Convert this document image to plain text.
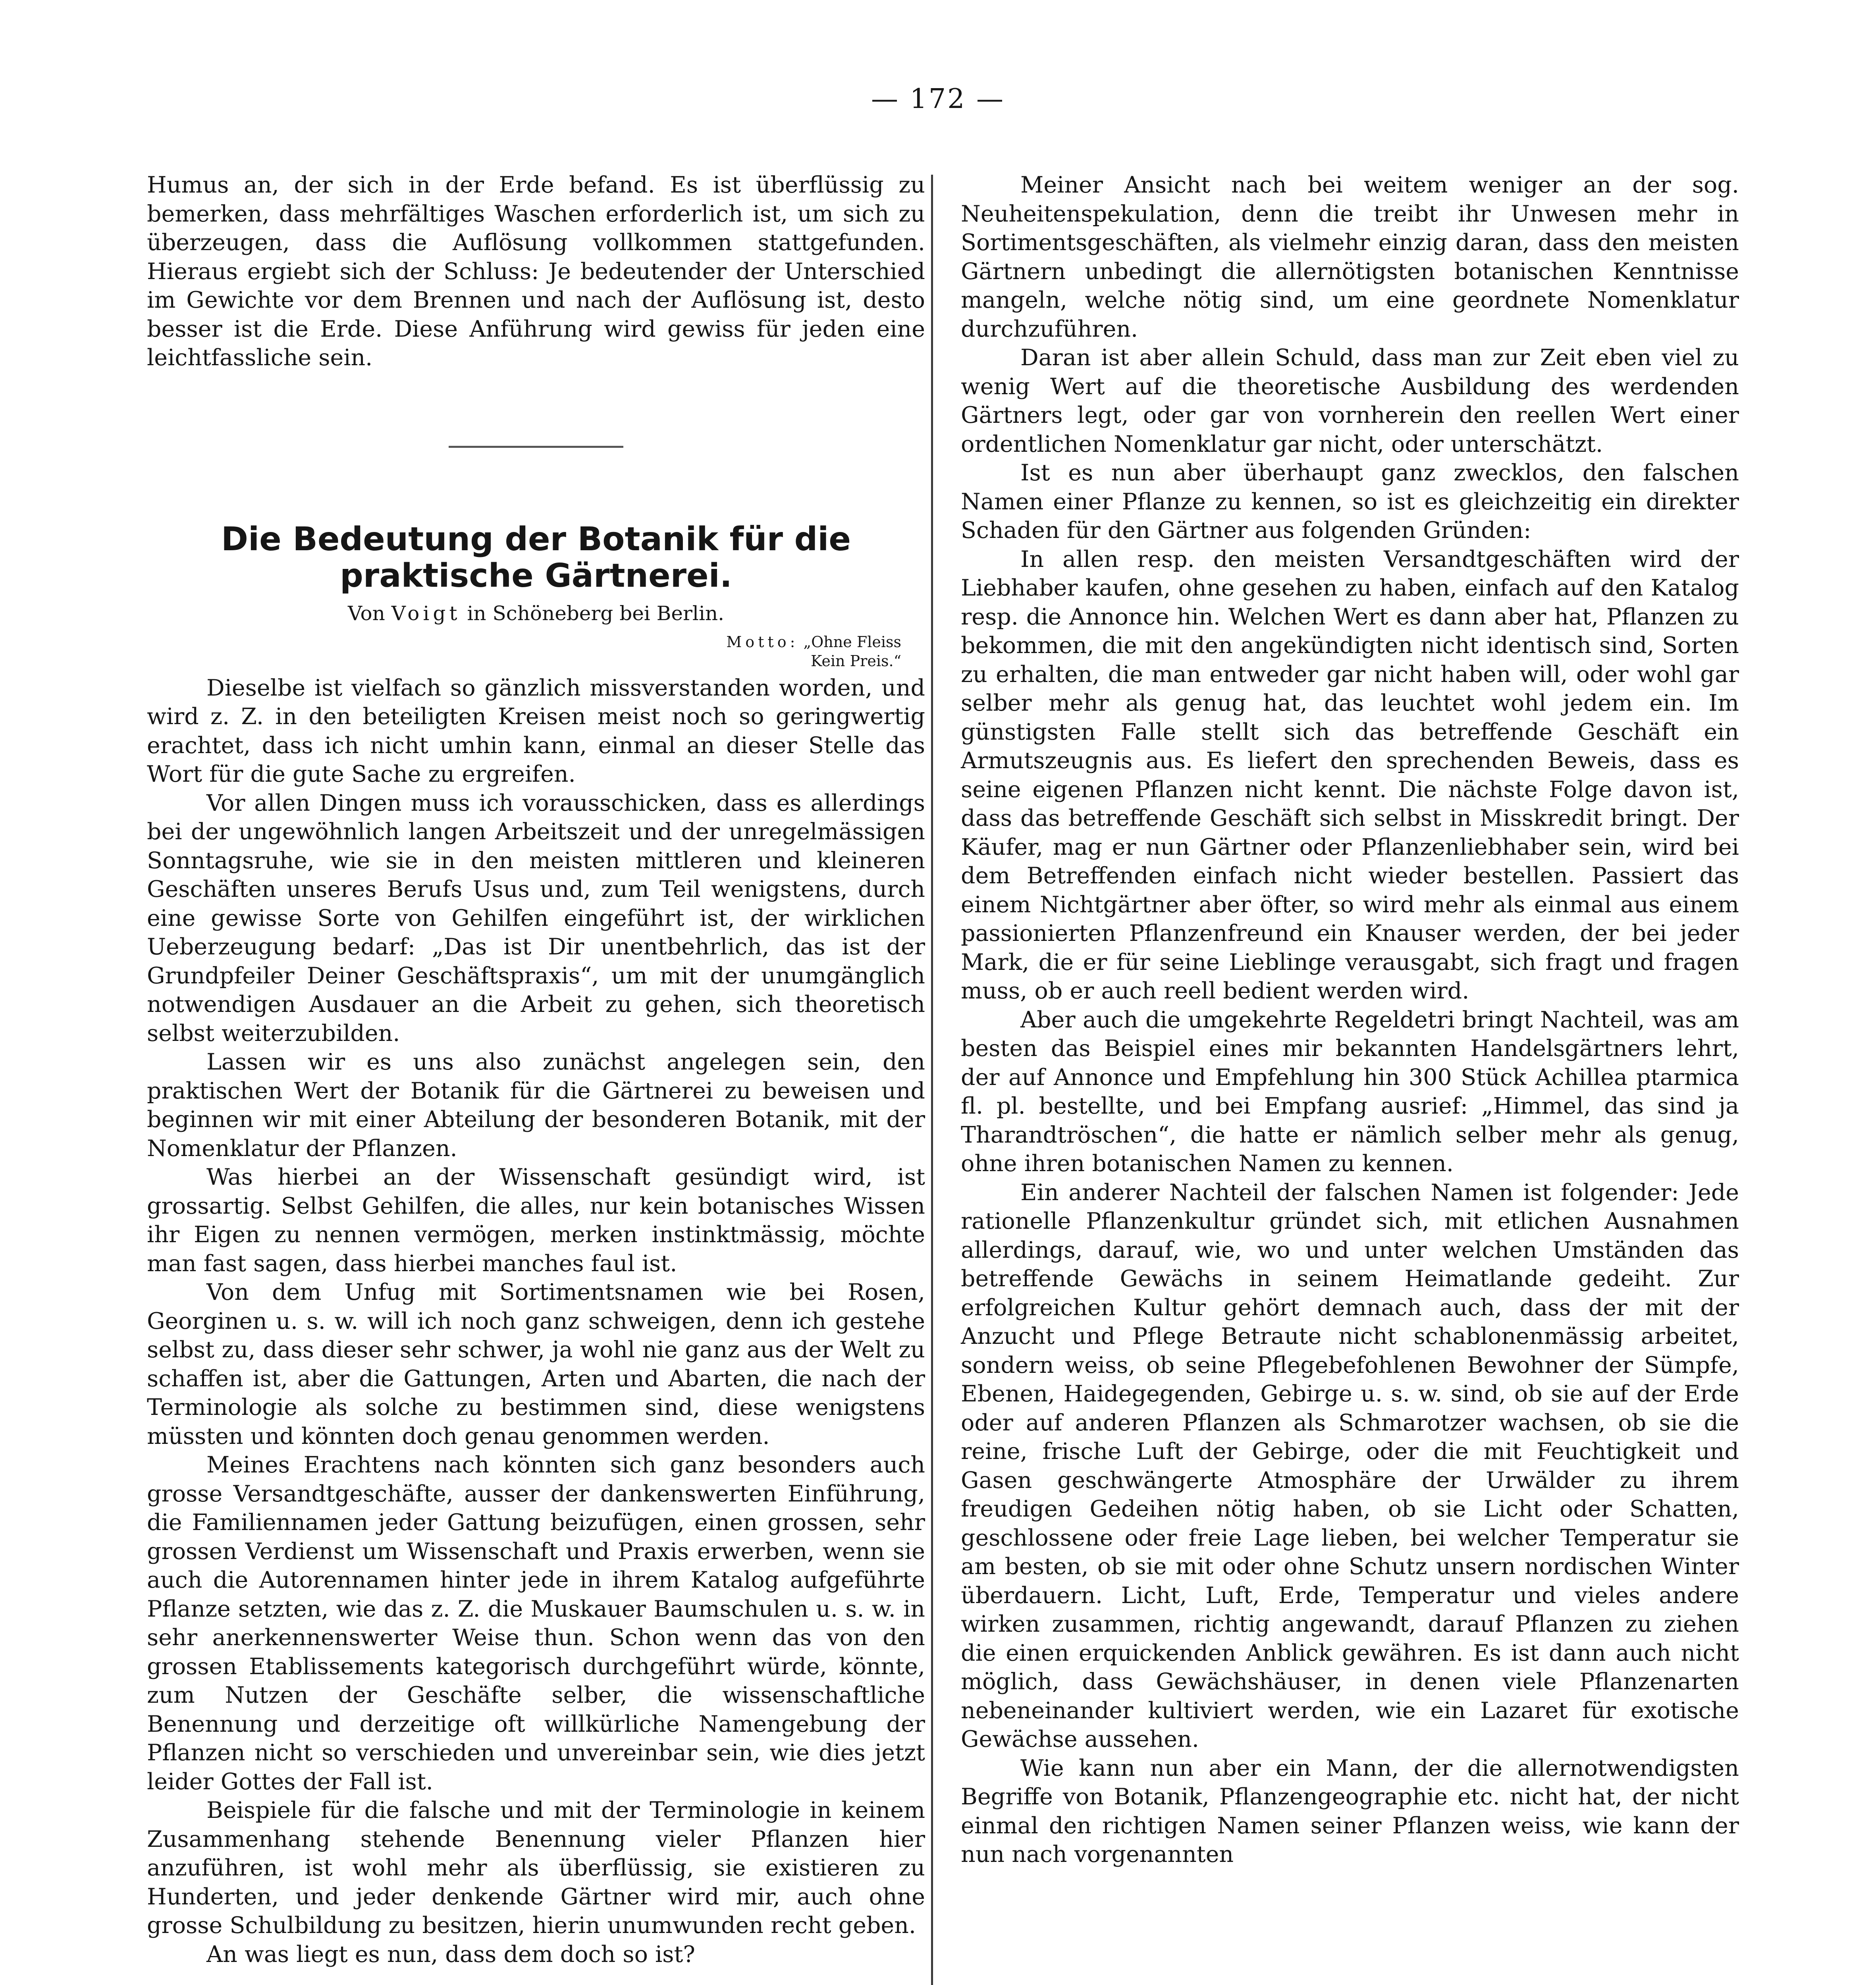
— 172 —

Humus an, der sich in der Erde befand. Es ist überflüssig zu bemerken, dass mehrfältiges Waschen erforderlich ist, um sich zu überzeugen, dass die Auflösung vollkommen stattgefunden. Hieraus ergiebt sich der Schluss: Je bedeutender der Unterschied im Gewichte vor dem Brennen und nach der Auflösung ist, desto besser ist die Erde. Diese Anführung wird gewiss für jeden eine leichtfassliche sein.

Die Bedeutung der Botanik für die praktische Gärtnerei.
Von Voigt in Schöneberg bei Berlin.
Motto: „Ohne Fleiss
Kein Preis.“

Dieselbe ist vielfach so gänzlich missverstanden worden, und wird z. Z. in den beteiligten Kreisen meist noch so geringwertig erachtet, dass ich nicht umhin kann, einmal an dieser Stelle das Wort für die gute Sache zu ergreifen.

Vor allen Dingen muss ich vorausschicken, dass es allerdings bei der ungewöhnlich langen Arbeitszeit und der unregelmässigen Sonntagsruhe, wie sie in den meisten mittleren und kleineren Geschäften unseres Berufs Usus und, zum Teil wenigstens, durch eine gewisse Sorte von Gehilfen eingeführt ist, der wirklichen Ueberzeugung bedarf: „Das ist Dir unentbehrlich, das ist der Grundpfeiler Deiner Geschäftspraxis“, um mit der unumgänglich notwendigen Ausdauer an die Arbeit zu gehen, sich theoretisch selbst weiterzubilden.

Lassen wir es uns also zunächst angelegen sein, den praktischen Wert der Botanik für die Gärtnerei zu beweisen und beginnen wir mit einer Abteilung der besonderen Botanik, mit der Nomenklatur der Pflanzen.

Was hierbei an der Wissenschaft gesündigt wird, ist grossartig. Selbst Gehilfen, die alles, nur kein botanisches Wissen ihr Eigen zu nennen vermögen, merken instinktmässig, möchte man fast sagen, dass hierbei manches faul ist.

Von dem Unfug mit Sortimentsnamen wie bei Rosen, Georginen u. s. w. will ich noch ganz schweigen, denn ich gestehe selbst zu, dass dieser sehr schwer, ja wohl nie ganz aus der Welt zu schaffen ist, aber die Gattungen, Arten und Abarten, die nach der Terminologie als solche zu bestimmen sind, diese wenigstens müssten und könnten doch genau genommen werden.

Meines Erachtens nach könnten sich ganz besonders auch grosse Versandtgeschäfte, ausser der dankenswerten Einführung, die Familiennamen jeder Gattung beizufügen, einen grossen, sehr grossen Verdienst um Wissenschaft und Praxis erwerben, wenn sie auch die Autorennamen hinter jede in ihrem Katalog aufgeführte Pflanze setzten, wie das z. Z. die Muskauer Baumschulen u. s. w. in sehr anerkennenswerter Weise thun. Schon wenn das von den grossen Etablissements kategorisch durchgeführt würde, könnte, zum Nutzen der Geschäfte selber, die wissenschaftliche Benennung und derzeitige oft willkürliche Namengebung der Pflanzen nicht so verschieden und unvereinbar sein, wie dies jetzt leider Gottes der Fall ist.

Beispiele für die falsche und mit der Terminologie in keinem Zusammenhang stehende Benennung vieler Pflanzen hier anzuführen, ist wohl mehr als überflüssig, sie existieren zu Hunderten, und jeder denkende Gärtner wird mir, auch ohne grosse Schulbildung zu besitzen, hierin unumwunden recht geben.

An was liegt es nun, dass dem doch so ist?

Meiner Ansicht nach bei weitem weniger an der sog. Neuheitenspekulation, denn die treibt ihr Unwesen mehr in Sortimentsgeschäften, als vielmehr einzig daran, dass den meisten Gärtnern unbedingt die allernötigsten botanischen Kenntnisse mangeln, welche nötig sind, um eine geordnete Nomenklatur durchzuführen.

Daran ist aber allein Schuld, dass man zur Zeit eben viel zu wenig Wert auf die theoretische Ausbildung des werdenden Gärtners legt, oder gar von vornherein den reellen Wert einer ordentlichen Nomenklatur gar nicht, oder unterschätzt.

Ist es nun aber überhaupt ganz zwecklos, den falschen Namen einer Pflanze zu kennen, so ist es gleichzeitig ein direkter Schaden für den Gärtner aus folgenden Gründen:

In allen resp. den meisten Versandtgeschäften wird der Liebhaber kaufen, ohne gesehen zu haben, einfach auf den Katalog resp. die Annonce hin. Welchen Wert es dann aber hat, Pflanzen zu bekommen, die mit den angekündigten nicht identisch sind, Sorten zu erhalten, die man entweder gar nicht haben will, oder wohl gar selber mehr als genug hat, das leuchtet wohl jedem ein. Im günstigsten Falle stellt sich das betreffende Geschäft ein Armutszeugnis aus. Es liefert den sprechenden Beweis, dass es seine eigenen Pflanzen nicht kennt. Die nächste Folge davon ist, dass das betreffende Geschäft sich selbst in Misskredit bringt. Der Käufer, mag er nun Gärtner oder Pflanzenliebhaber sein, wird bei dem Betreffenden einfach nicht wieder bestellen. Passiert das einem Nichtgärtner aber öfter, so wird mehr als einmal aus einem passionierten Pflanzenfreund ein Knauser werden, der bei jeder Mark, die er für seine Lieblinge verausgabt, sich fragt und fragen muss, ob er auch reell bedient werden wird.

Aber auch die umgekehrte Regeldetri bringt Nachteil, was am besten das Beispiel eines mir bekannten Handelsgärtners lehrt, der auf Annonce und Empfehlung hin 300 Stück Achillea ptarmica fl. pl. bestellte, und bei Empfang ausrief: „Himmel, das sind ja Tharandtröschen“, die hatte er nämlich selber mehr als genug, ohne ihren botanischen Namen zu kennen.

Ein anderer Nachteil der falschen Namen ist folgender: Jede rationelle Pflanzenkultur gründet sich, mit etlichen Ausnahmen allerdings, darauf, wie, wo und unter welchen Umständen das betreffende Gewächs in seinem Heimatlande gedeiht. Zur erfolgreichen Kultur gehört demnach auch, dass der mit der Anzucht und Pflege Betraute nicht schablonenmässig arbeitet, sondern weiss, ob seine Pflegebefohlenen Bewohner der Sümpfe, Ebenen, Haidegegenden, Gebirge u. s. w. sind, ob sie auf der Erde oder auf anderen Pflanzen als Schmarotzer wachsen, ob sie die reine, frische Luft der Gebirge, oder die mit Feuchtigkeit und Gasen geschwängerte Atmosphäre der Urwälder zu ihrem freudigen Gedeihen nötig haben, ob sie Licht oder Schatten, geschlossene oder freie Lage lieben, bei welcher Temperatur sie am besten, ob sie mit oder ohne Schutz unsern nordischen Winter überdauern. Licht, Luft, Erde, Temperatur und vieles andere wirken zusammen, richtig angewandt, darauf Pflanzen zu ziehen die einen erquickenden Anblick gewähren. Es ist dann auch nicht möglich, dass Gewächshäuser, in denen viele Pflanzenarten nebeneinander kultiviert werden, wie ein Lazaret für exotische Gewächse aussehen.

Wie kann nun aber ein Mann, der die allernotwendigsten Begriffe von Botanik, Pflanzengeographie etc. nicht hat, der nicht einmal den richtigen Namen seiner Pflanzen weiss, wie kann der nun nach vorgenannten
